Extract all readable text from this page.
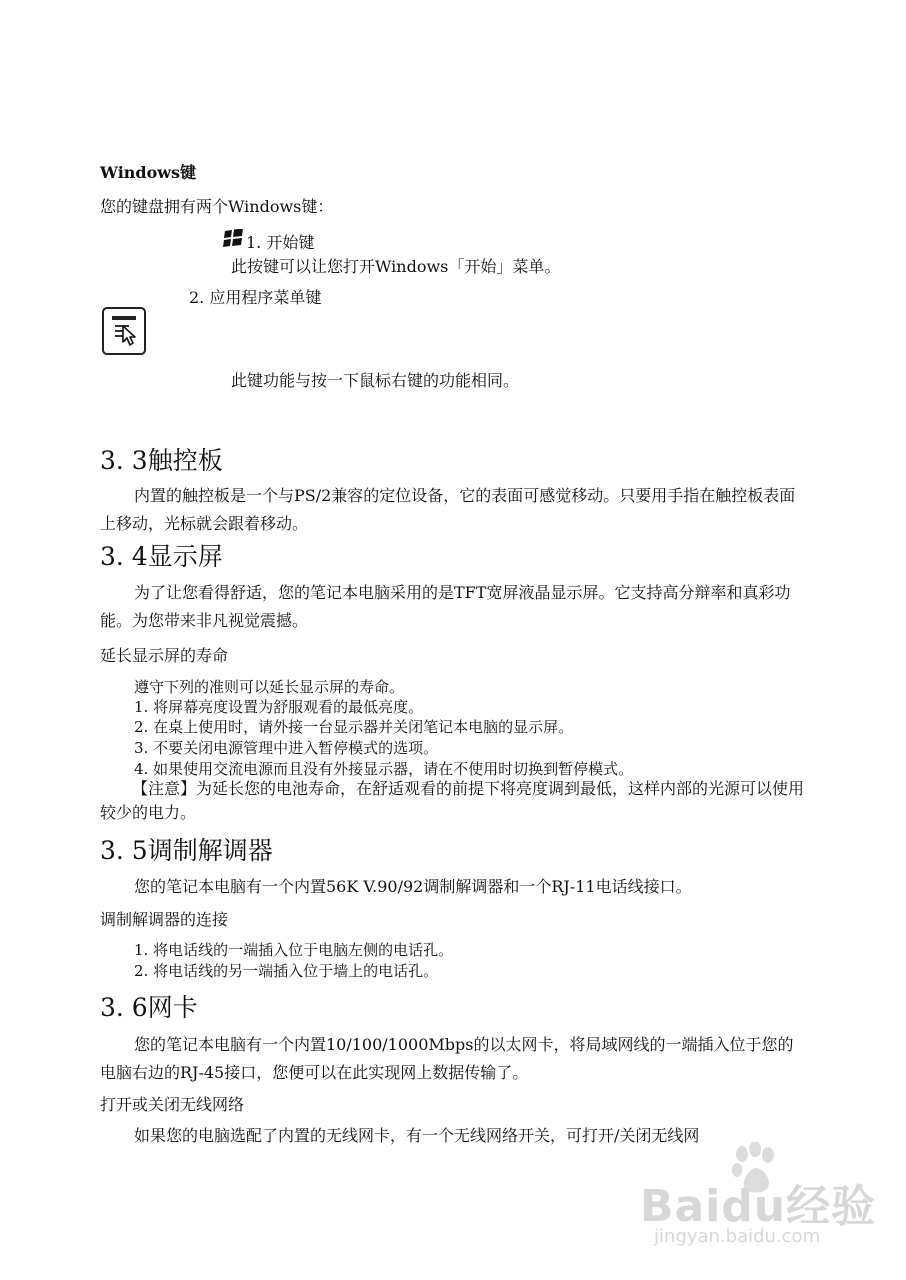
Windows键
您的键盘拥有两个Windows键：
1. 开始键
此按键可以让您打开Windows「开始」菜单。
2. 应用程序菜单键
此键功能与按一下鼠标右键的功能相同。
3. 3触控板
内置的触控板是一个与PS/2兼容的定位设备，它的表面可感觉移动。只要用手指在触控板表面上移动，光标就会跟着移动。
3. 4显示屏
为了让您看得舒适，您的笔记本电脑采用的是TFT宽屏液晶显示屏。它支持高分辩率和真彩功能。为您带来非凡视觉震撼。
延长显示屏的寿命
遵守下列的准则可以延长显示屏的寿命。
1. 将屏幕亮度设置为舒服观看的最低亮度。
2. 在桌上使用时，请外接一台显示器并关闭笔记本电脑的显示屏。
3. 不要关闭电源管理中进入暂停模式的选项。
4. 如果使用交流电源而且没有外接显示器，请在不使用时切换到暂停模式。
【注意】为延长您的电池寿命，在舒适观看的前提下将亮度调到最低，这样内部的光源可以使用较少的电力。
3. 5调制解调器
您的笔记本电脑有一个内置56K V.90/92调制解调器和一个RJ-11电话线接口。
调制解调器的连接
1. 将电话线的一端插入位于电脑左侧的电话孔。
2. 将电话线的另一端插入位于墙上的电话孔。
3. 6网卡
您的笔记本电脑有一个内置10/100/1000Mbps的以太网卡，将局域网线的一端插入位于您的电脑右边的RJ-45接口，您便可以在此实现网上数据传输了。
打开或关闭无线网络
如果您的电脑选配了内置的无线网卡，有一个无线网络开关，可打开/关闭无线网
Baidu经验
jingyan.baidu.com
